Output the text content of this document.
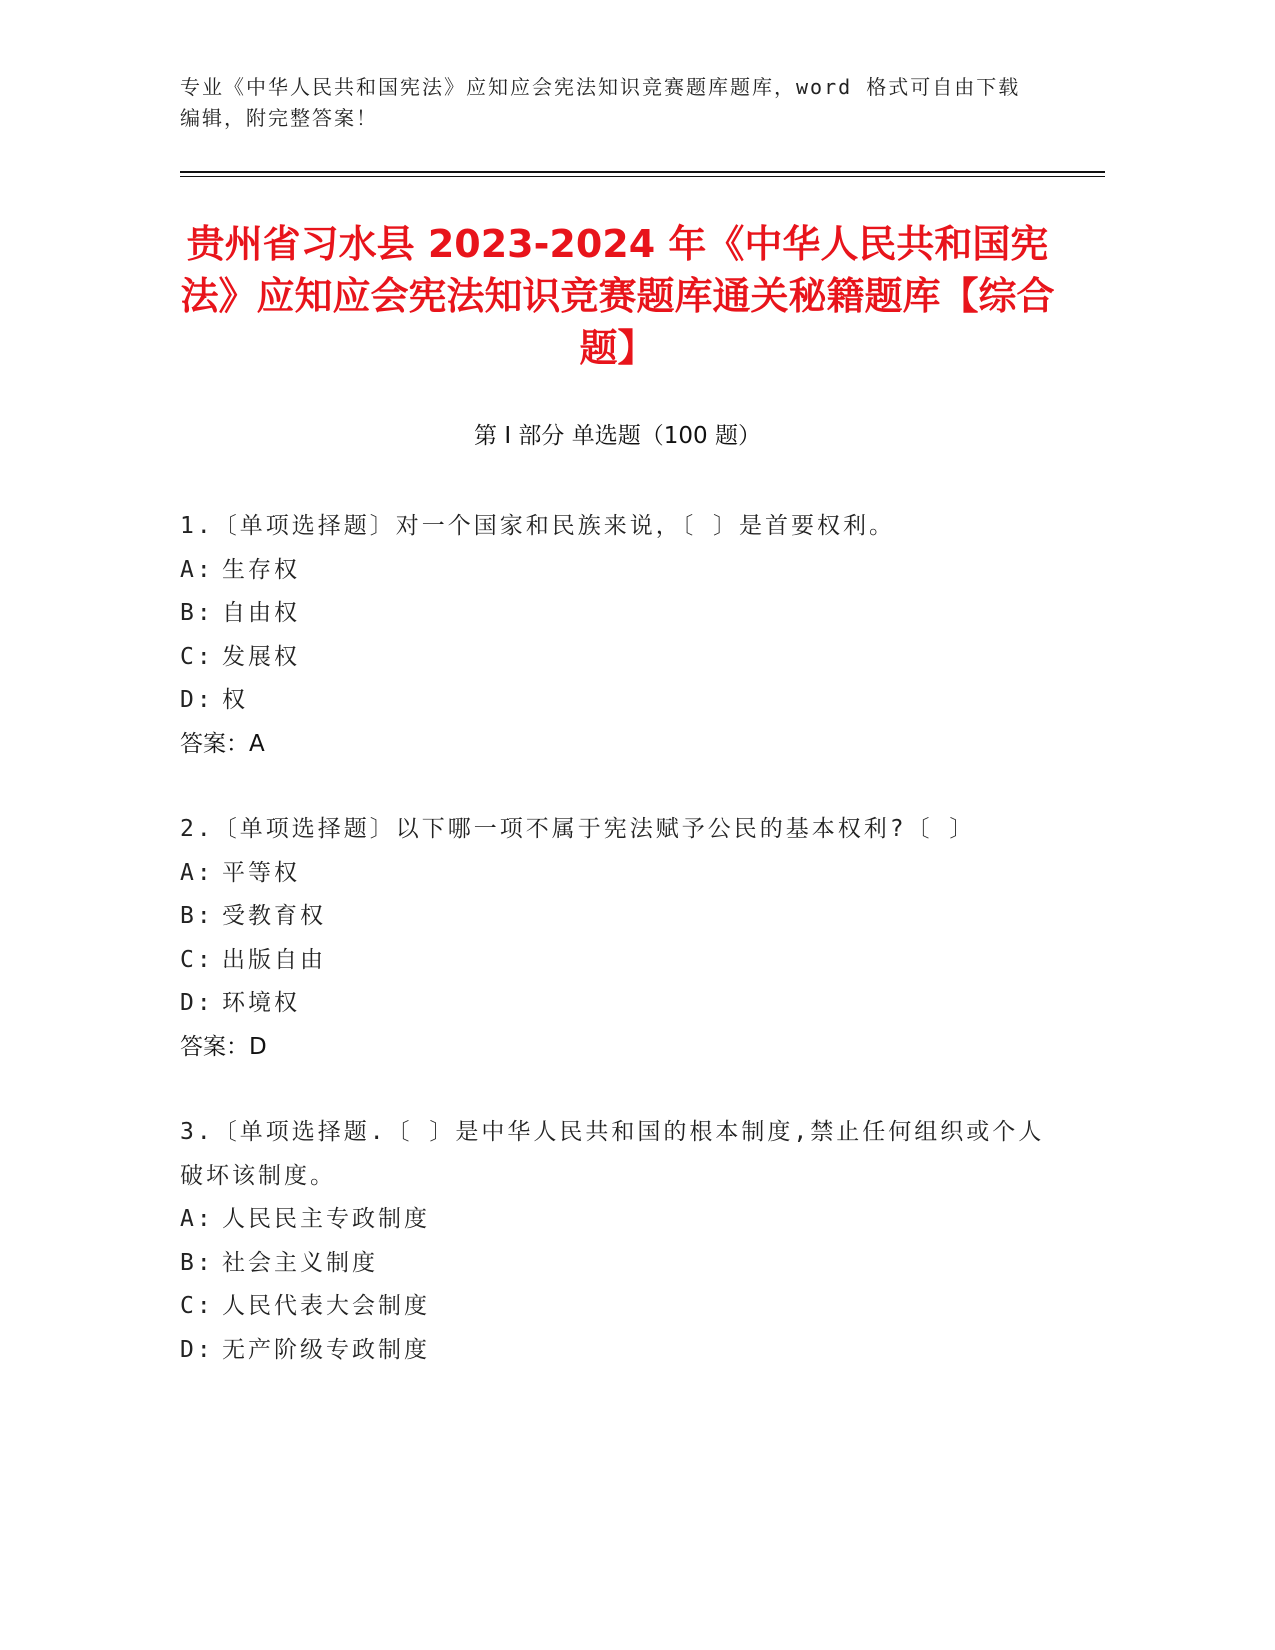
专业《中华人民共和国宪法》应知应会宪法知识竞赛题库题库，word 格式可自由下载编辑，附完整答案！
贵州省习水县 2023-2024 年《中华人民共和国宪法》应知应会宪法知识竞赛题库通关秘籍题库【综合题】
第 I 部分 单选题（100 题）

1.〔单项选择题〕对一个国家和民族来说，〔 〕是首要权利。

A: 生存权

B: 自由权

C: 发展权

D: 权

答案：A

2.〔单项选择题〕以下哪一项不属于宪法赋予公民的基本权利?〔 〕

A: 平等权

B: 受教育权

C: 出版自由

D: 环境权

答案：D

3.〔单项选择题.〔 〕是中华人民共和国的根本制度,禁止任何组织或个人破坏该制度。

A: 人民民主专政制度

B: 社会主义制度

C: 人民代表大会制度

D: 无产阶级专政制度
